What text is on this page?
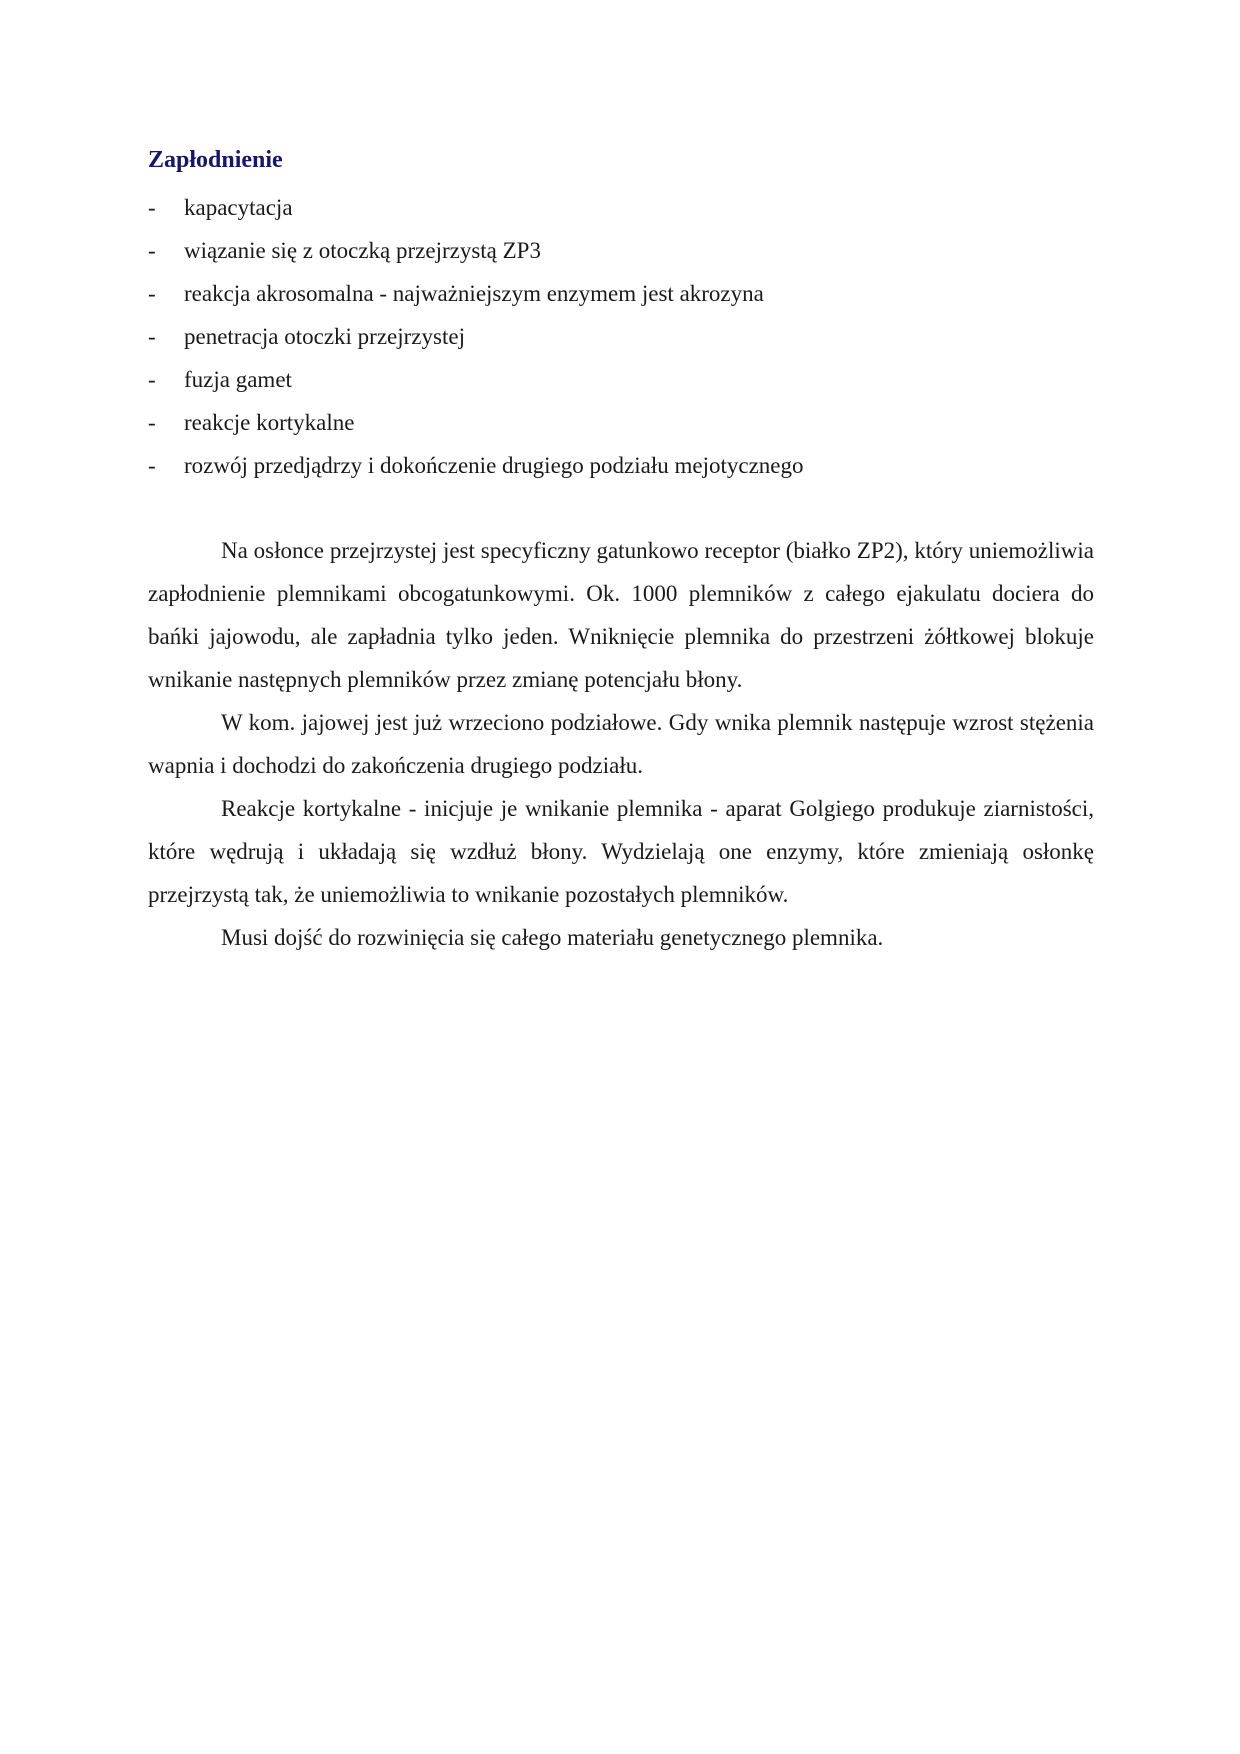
Zapłodnienie
- kapacytacja
- wiązanie się z otoczką przejrzystą ZP3
- reakcja akrosomalna - najważniejszym enzymem jest akrozyna
- penetracja otoczki przejrzystej
- fuzja gamet
- reakcje kortykalne
- rozwój przedjądrzy i dokończenie drugiego podziału mejotycznego

Na osłonce przejrzystej jest specyficzny gatunkowo receptor (białko ZP2), który uniemożliwia zapłodnienie plemnikami obcogatunkowymi. Ok. 1000 plemników z całego ejakulatu dociera do bańki jajowodu, ale zapładnia tylko jeden. Wniknięcie plemnika do przestrzeni żółtkowej blokuje wnikanie następnych plemników przez zmianę potencjału błony.

W kom. jajowej jest już wrzeciono podziałowe. Gdy wnika plemnik następuje wzrost stężenia wapnia i dochodzi do zakończenia drugiego podziału.

Reakcje kortykalne - inicjuje je wnikanie plemnika - aparat Golgiego produkuje ziarnistości, które wędrują i układają się wzdłuż błony. Wydzielają one enzymy, które zmieniają osłonkę przejrzystą tak, że uniemożliwia to wnikanie pozostałych plemników.

Musi dojść do rozwinięcia się całego materiału genetycznego plemnika.
